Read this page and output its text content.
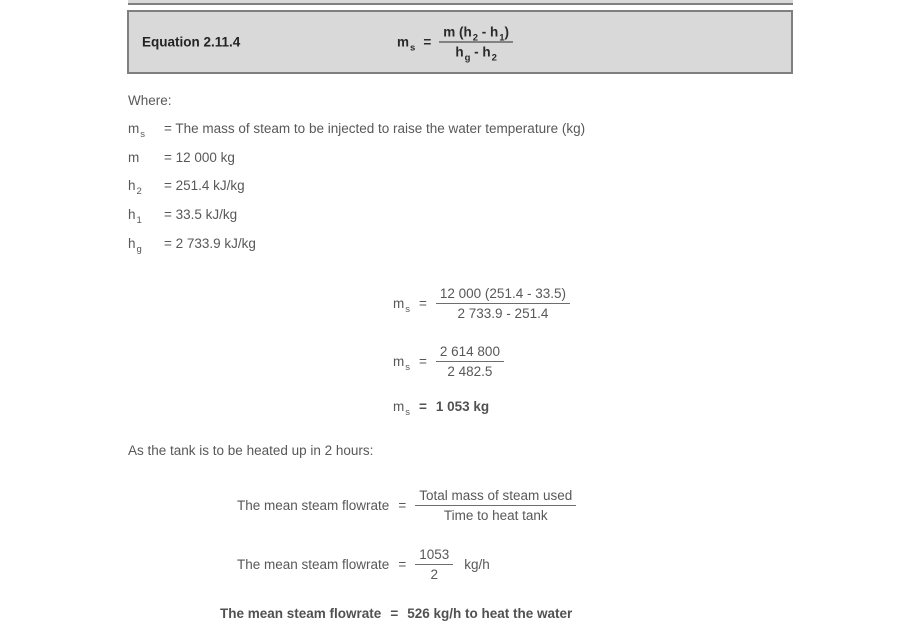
Equation 2.11.4	$m_s = \frac{m (h_2 - h_1)}{h_g - h_2}$
Where:
$m_s$	= The mass of steam to be injected to raise the water temperature (kg)
m	= 12 000 kg
$h_2$	= 251.4 kJ/kg
$h_1$	= 33.5 kJ/kg
$h_g$	= 2 733.9 kJ/kg
$m_s = \frac{12 000 (251.4 - 33.5)}{2 733.9 - 251.4}$
$m_s = \frac{2 614 800}{2 482.5}$
$m_s = 1$ 053 kg
As the tank is to be heated up in 2 hours:
The mean steam flowrate = $\frac{\text{Total mass of steam used}}{\text{Time to heat tank}}$
The mean steam flowrate = $\frac{1053}{2} kg/h$
The mean steam flowrate = 526 kg/h to heat the water
